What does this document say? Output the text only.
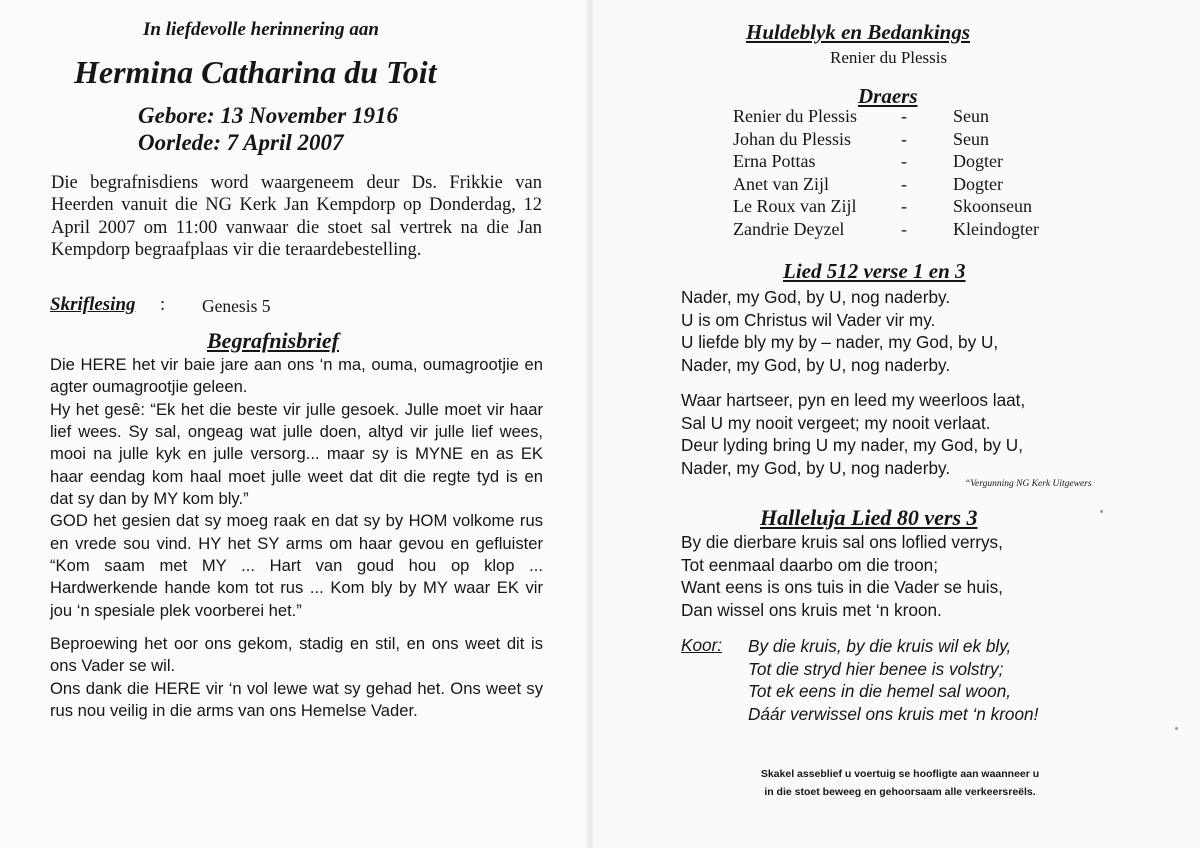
In liefdevolle herinnering aan
Hermina Catharina du Toit
Gebore: 13 November 1916
Oorlede: 7 April 2007
Die begrafnisdiens word waargeneem deur Ds. Frikkie van Heerden vanuit die NG Kerk Jan Kempdorp op Donderdag, 12 April 2007 om 11:00 vanwaar die stoet sal vertrek na die Jan Kempdorp begraafplaas vir die teraardebestelling.
Skriflesing : Genesis 5
Begrafnisbrief

Die HERE het vir baie jare aan ons ‘n ma, ouma, oumagrootjie en agter oumagrootjie geleen.

Hy het gesê: “Ek het die beste vir julle gesoek. Julle moet vir haar lief wees. Sy sal, ongeag wat julle doen, altyd vir julle lief wees, mooi na julle kyk en julle versorg... maar sy is MYNE en as EK haar eendag kom haal moet julle weet dat dit die regte tyd is en dat sy dan by MY kom bly.”

GOD het gesien dat sy moeg raak en dat sy by HOM volkome rus en vrede sou vind. HY het SY arms om haar gevou en gefluister “Kom saam met MY ... Hart van goud hou op klop ... Hardwerkende hande kom tot rus ... Kom bly by MY waar EK vir jou ‘n spesiale plek voorberei het.”

Beproewing het oor ons gekom, stadig en stil, en ons weet dit is ons Vader se wil.

Ons dank die HERE vir ‘n vol lewe wat sy gehad het. Ons weet sy rus nou veilig in die arms van ons Hemelse Vader.

Huldeblyk en Bedankings
Renier du Plessis
Draers
Renier du Plessis -	Seun
Johan du Plessis	-	Seun
Erna Pottas	-	Dogter
Anet van Zijl	-	Dogter
Le Roux van Zijl -	Skoonseun
Zandrie Deyzel	-	Kleindogter
Lied 512 verse 1 en 3
Nader, my God, by U, nog naderby.
U is om Christus wil Vader vir my.
U liefde bly my by – nader, my God, by U,
Nader, my God, by U, nog naderby.
Waar hartseer, pyn en leed my weerloos laat,
Sal U my nooit vergeet; my nooit verlaat.
Deur lyding bring U my nader, my God, by U,
Nader, my God, by U, nog naderby.
“Vergunning NG Kerk Uitgewers
Halleluja Lied 80 vers 3
By die dierbare kruis sal ons loflied verrys,
Tot eenmaal daarbo om die troon;
Want eens is ons tuis in die Vader se huis,
Dan wissel ons kruis met ‘n kroon.
Koor: By die kruis, by die kruis wil ek bly,
Tot die stryd hier benee is volstry;
Tot ek eens in die hemel sal woon,
Dáár verwissel ons kruis met ‘n kroon!
Skakel asseblief u voertuig se hoofligte aan waanneer u
in die stoet beweeg en gehoorsaam alle verkeersreëls.
